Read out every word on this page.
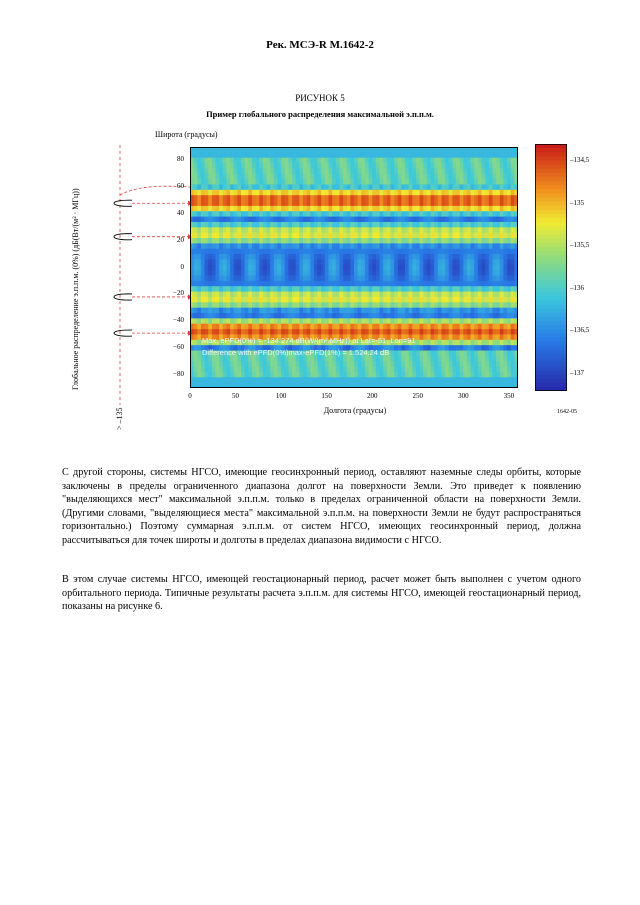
Рек. МСЭ-R M.1642-2
РИСУНОК 5
Пример глобального распределения максимальной э.п.п.м.
Широта (градусы)
Глобальное распределение э.п.п.м. (0%) (дБ(Вт/(м² · МГц))
> –135
Max. ePFD(0%) = -134.274 dB(W/(m².MHz)) at Lat=-51, Lon=91
Difference with ePFD(0%)max-ePFD(1%) = 1.524.24 dB
80
60
40
20
0
−20
−40
−60
−80
0	50	100	150	200	250	300	350
–134,5
–135
–135,5
–136
–136,5
–137
Долгота (градусы)	1642-05
С другой стороны, системы НГСО, имеющие геосинхронный период, оставляют наземные следы орбиты, которые заключены в пределы ограниченного диапазона долгот на поверхности Земли. Это приведет к появлению "выделяющихся мест" максимальной э.п.п.м. только в пределах ограниченной области на поверхности Земли. (Другими словами, "выделяющиеся места" максимальной э.п.п.м. на поверхности Земли не будут распространяться горизонтально.) Поэтому суммарная э.п.п.м. от систем НГСО, имеющих геосинхронный период, должна рассчитываться для точек широты и долготы в пределах диапазона видимости с НГСО.
В этом случае системы НГСО, имеющей геостационарный период, расчет может быть выполнен с учетом одного орбитального периода. Типичные результаты расчета э.п.п.м. для системы НГСО, имеющей геостационарный период, показаны на рисунке 6.
